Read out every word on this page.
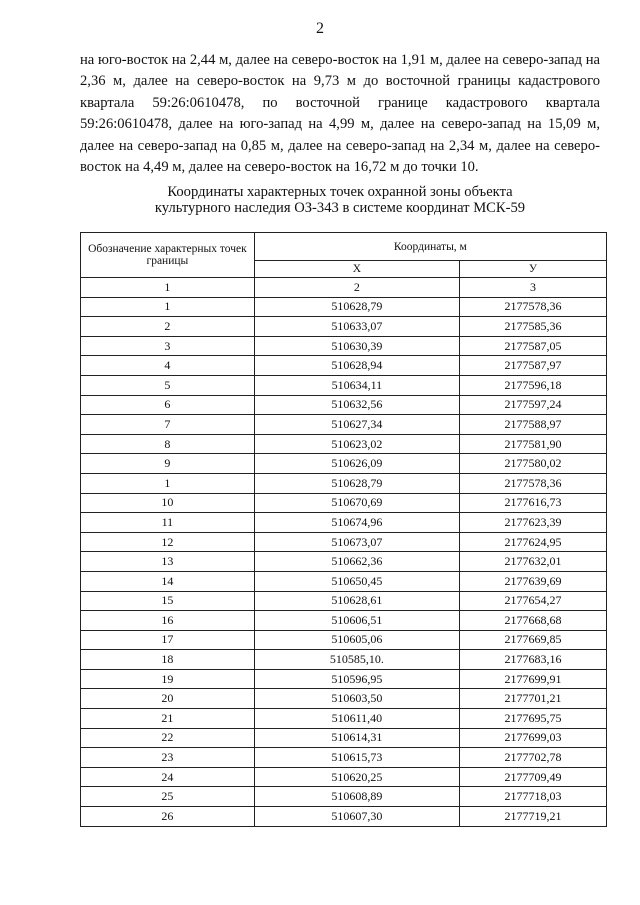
2
на юго-восток на 2,44 м, далее на северо-восток на 1,91 м, далее на северо-запад на 2,36 м, далее на северо-восток на 9,73 м до восточной границы кадастрового квартала 59:26:0610478, по восточной границе кадастрового квартала 59:26:0610478, далее на юго-запад на 4,99 м, далее на северо-запад на 15,09 м, далее на северо-запад на 0,85 м, далее на северо-запад на 2,34 м, далее на северо-восток на 4,49 м, далее на северо-восток на 16,72 м до точки 10.
Координаты характерных точек охранной зоны объекта
культурного наследия ОЗ-343 в системе координат МСК-59
Обозначение характерных точек границы	Координаты, м	
	X	У
1	2	3
1	510628,79	2177578,36
2	510633,07	2177585,36
3	510630,39	2177587,05
4	510628,94	2177587,97
5	510634,11	2177596,18
6	510632,56	2177597,24
7	510627,34	2177588,97
8	510623,02	2177581,90
9	510626,09	2177580,02
1	510628,79	2177578,36
10	510670,69	2177616,73
11	510674,96	2177623,39
12	510673,07	2177624,95
13	510662,36	2177632,01
14	510650,45	2177639,69
15	510628,61	2177654,27
16	510606,51	2177668,68
17	510605,06	2177669,85
18	510585,10.	2177683,16
19	510596,95	2177699,91
20	510603,50	2177701,21
21	510611,40	2177695,75
22	510614,31	2177699,03
23	510615,73	2177702,78
24	510620,25	2177709,49
25	510608,89	2177718,03
26	510607,30	2177719,21
